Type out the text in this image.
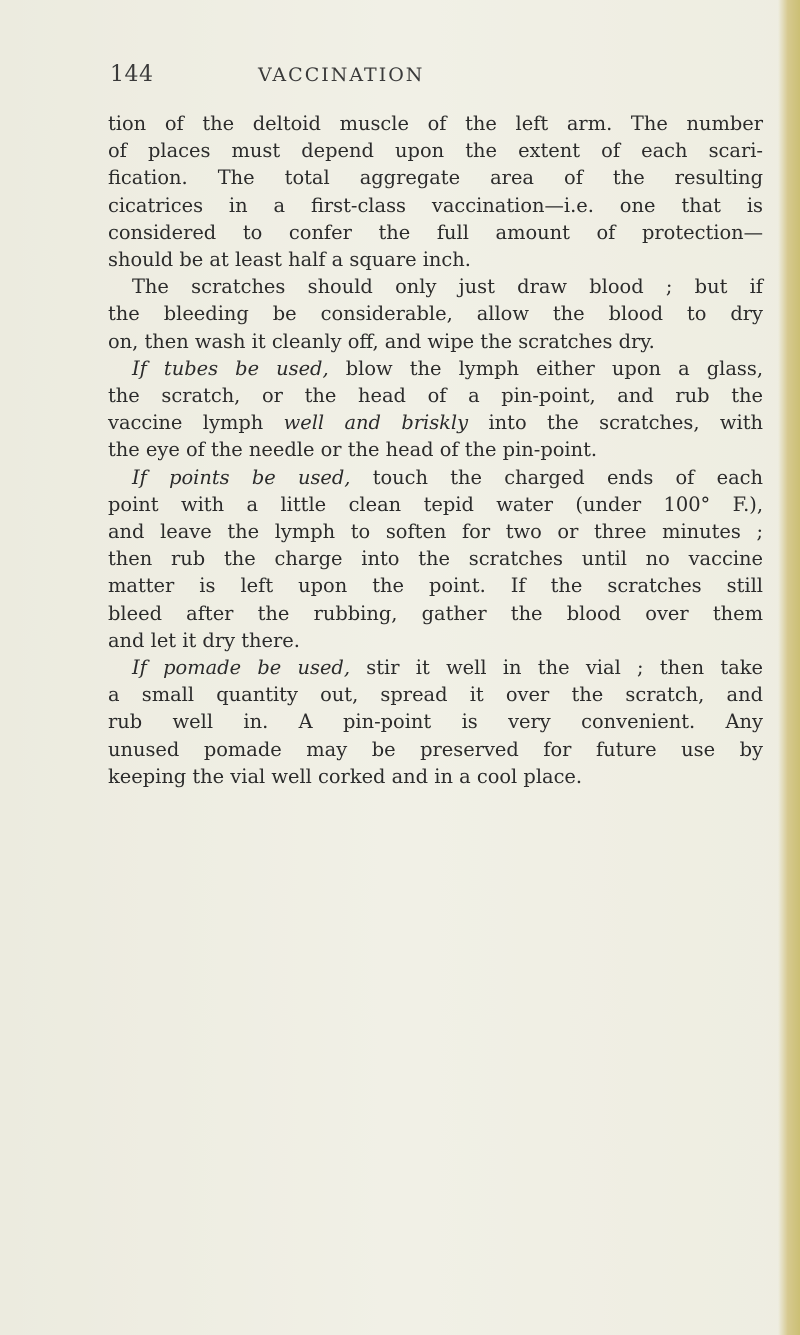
144	VACCINATION
tion of the deltoid muscle of the left arm. The number
of places must depend upon the extent of each scari-
fication. The total aggregate area of the resulting
cicatrices in a first-class vaccination—i.e. one that is
considered to confer the full amount of protection—
should be at least half a square inch.
The scratches should only just draw blood ; but if
the bleeding be considerable, allow the blood to dry
on, then wash it cleanly off, and wipe the scratches dry.
If tubes be used, blow the lymph either upon a glass,
the scratch, or the head of a pin-point, and rub the
vaccine lymph well and briskly into the scratches, with
the eye of the needle or the head of the pin-point.
If points be used, touch the charged ends of each
point with a little clean tepid water (under 100° F.),
and leave the lymph to soften for two or three minutes ;
then rub the charge into the scratches until no vaccine
matter is left upon the point. If the scratches still
bleed after the rubbing, gather the blood over them
and let it dry there.
If pomade be used, stir it well in the vial ; then take
a small quantity out, spread it over the scratch, and
rub well in. A pin-point is very convenient. Any
unused pomade may be preserved for future use by
keeping the vial well corked and in a cool place.
